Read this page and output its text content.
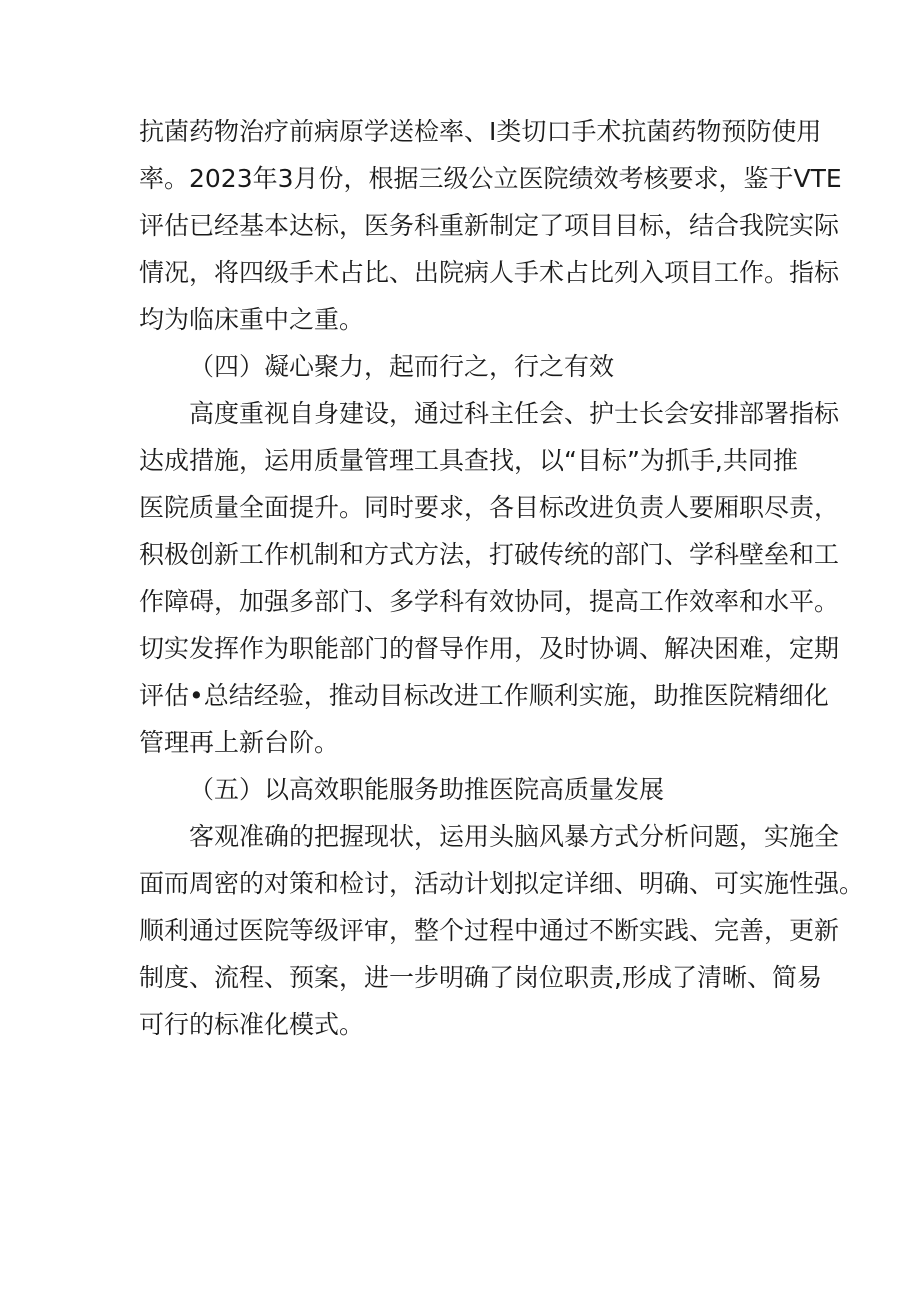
抗菌药物治疗前病原学送检率、I类切口手术抗菌药物预防使用
率。2023年3月份，根据三级公立医院绩效考核要求，鉴于VTE
评估已经基本达标，医务科重新制定了项目目标，结合我院实际
情况，将四级手术占比、出院病人手术占比列入项目工作。指标
均为临床重中之重。
（四）凝心聚力，起而行之，行之有效
高度重视自身建设，通过科主任会、护士长会安排部署指标
达成措施，运用质量管理工具查找，以“目标”为抓手,共同推
医院质量全面提升。同时要求，各目标改进负责人要厢职尽责，
积极创新工作机制和方式方法，打破传统的部门、学科壁垒和工
作障碍，加强多部门、多学科有效协同，提高工作效率和水平。
切实发挥作为职能部门的督导作用，及时协调、解决困难，定期
评估•总结经验，推动目标改进工作顺利实施，助推医院精细化
管理再上新台阶。
（五）以高效职能服务助推医院高质量发展
客观准确的把握现状，运用头脑风暴方式分析问题，实施全
面而周密的对策和检讨，活动计划拟定详细、明确、可实施性强。
顺利通过医院等级评审，整个过程中通过不断实践、完善，更新
制度、流程、预案，进一步明确了岗位职责,形成了清晰、简易
可行的标准化模式。
